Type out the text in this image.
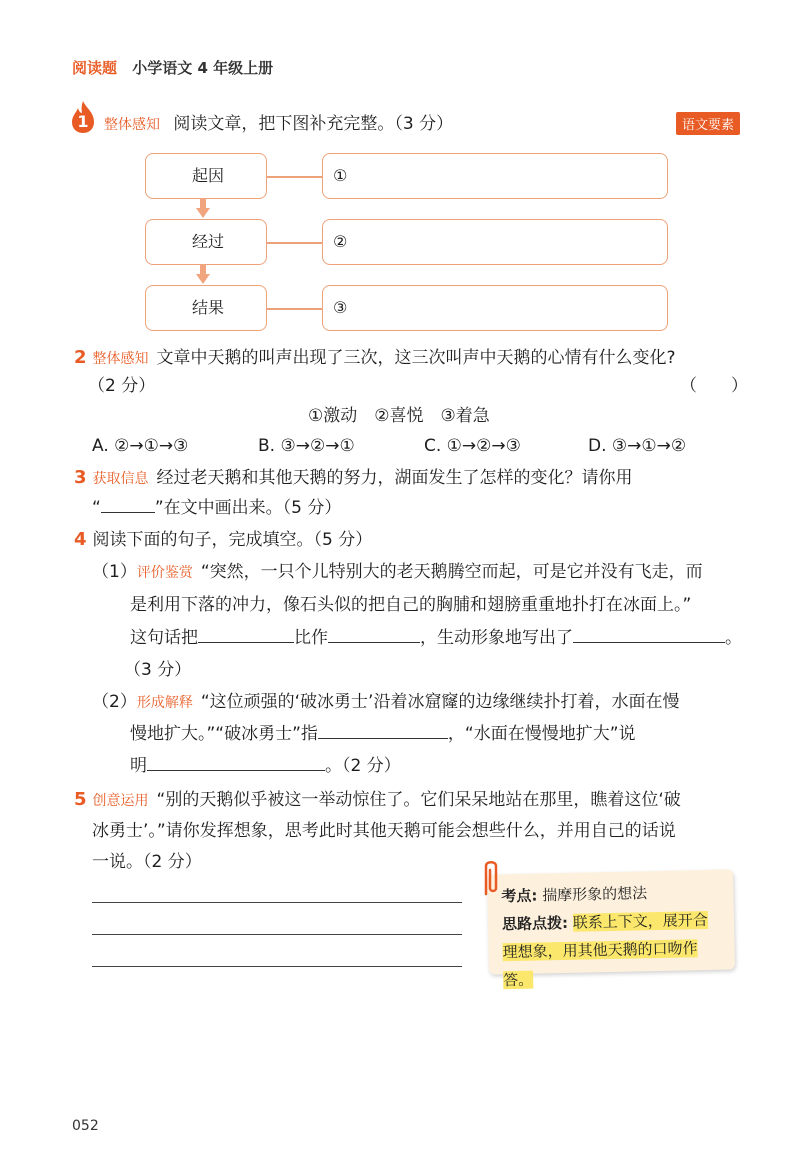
阅读题 小学语文 4 年级上册
1	整体感知 阅读文章，把下图补充完整。（3 分）	语文要素
起因	①
经过	②
结果	③
2 整体感知 文章中天鹅的叫声出现了三次，这三次叫声中天鹅的心情有什么变化?
（2 分）	（　　）
①激动　②喜悦　③着急
A. ②→①→③	B. ③→②→①	C. ①→②→③	D. ③→①→②
3 获取信息 经过老天鹅和其他天鹅的努力，湖面发生了怎样的变化？请你用
“	”在文中画出来。（5 分）
4 阅读下面的句子，完成填空。（5 分）
（1）评价鉴赏 “突然，一只个儿特别大的老天鹅腾空而起，可是它并没有飞走，而
是利用下落的冲力，像石头似的把自己的胸脯和翅膀重重地扑打在冰面上。”
这句话把	比作	，生动形象地写出了	。
（3 分）
（2）形成解释 “这位顽强的‘破冰勇士’沿着冰窟窿的边缘继续扑打着，水面在慢
慢地扩大。”“破冰勇士”指	，“水面在慢慢地扩大”说
明	。（2 分）
5 创意运用 “别的天鹅似乎被这一举动惊住了。它们呆呆地站在那里，瞧着这位‘破
冰勇士’。”请你发挥想象，思考此时其他天鹅可能会想些什么，并用自己的话说
一说。（2 分）
考点: 揣摩形象的想法
思路点拨: 联系上下文，展开合
理想象，用其他天鹅的口吻作答。
052
